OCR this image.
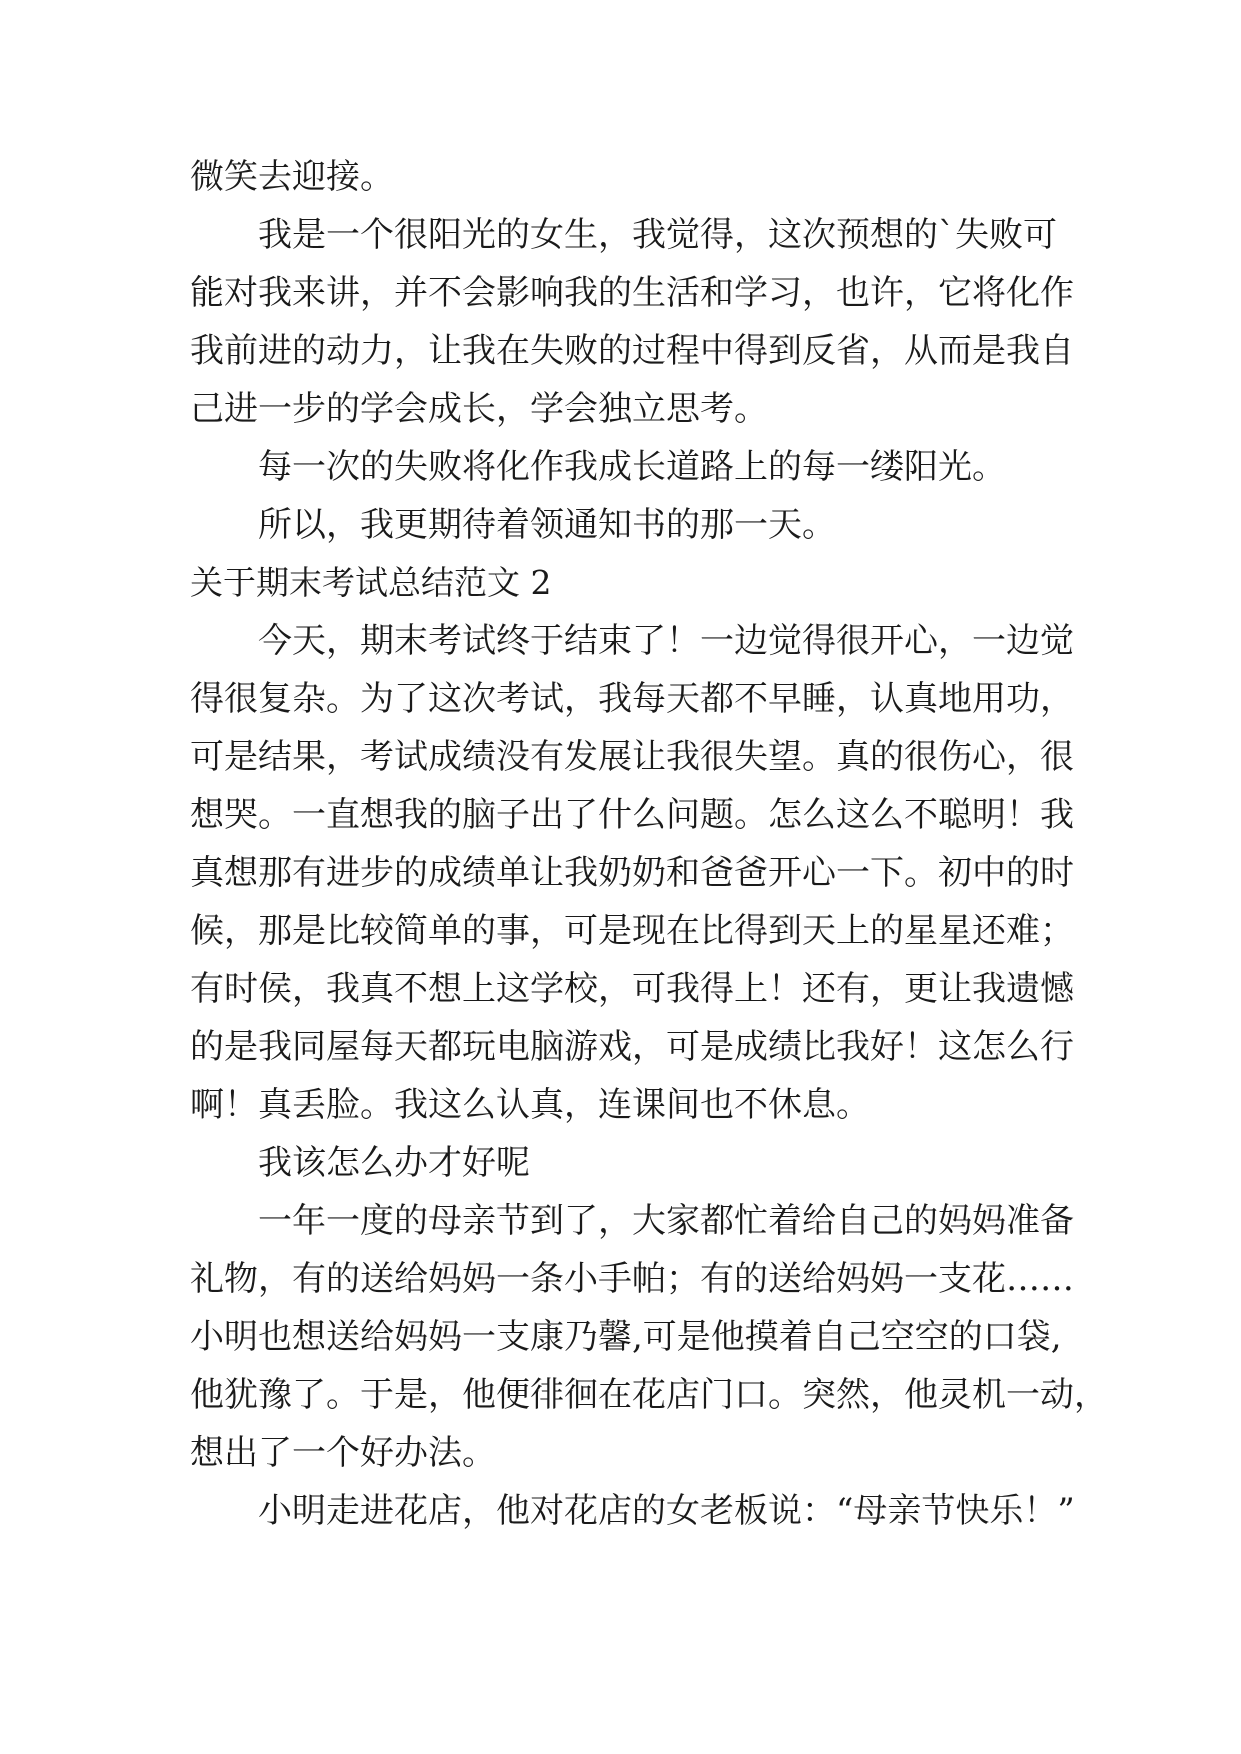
微笑去迎接。
我是一个很阳光的女生，我觉得，这次预想的`失败可
能对我来讲，并不会影响我的生活和学习，也许，它将化作
我前进的动力，让我在失败的过程中得到反省，从而是我自
己进一步的学会成长，学会独立思考。
每一次的失败将化作我成长道路上的每一缕阳光。
所以，我更期待着领通知书的那一天。
关于期末考试总结范文 2
今天，期末考试终于结束了！一边觉得很开心，一边觉
得很复杂。为了这次考试，我每天都不早睡，认真地用功，
可是结果，考试成绩没有发展让我很失望。真的很伤心，很
想哭。一直想我的脑子出了什么问题。怎么这么不聪明！我
真想那有进步的成绩单让我奶奶和爸爸开心一下。初中的时
候，那是比较简单的事，可是现在比得到天上的星星还难；
有时侯，我真不想上这学校，可我得上！还有，更让我遗憾
的是我同屋每天都玩电脑游戏，可是成绩比我好！这怎么行
啊！真丢脸。我这么认真，连课间也不休息。
我该怎么办才好呢
一年一度的母亲节到了，大家都忙着给自己的妈妈准备
礼物，有的送给妈妈一条小手帕；有的送给妈妈一支花……
小明也想送给妈妈一支康乃馨,可是他摸着自己空空的口袋,
他犹豫了。于是，他便徘徊在花店门口。突然，他灵机一动，
想出了一个好办法。
小明走进花店，他对花店的女老板说：“母亲节快乐！”
